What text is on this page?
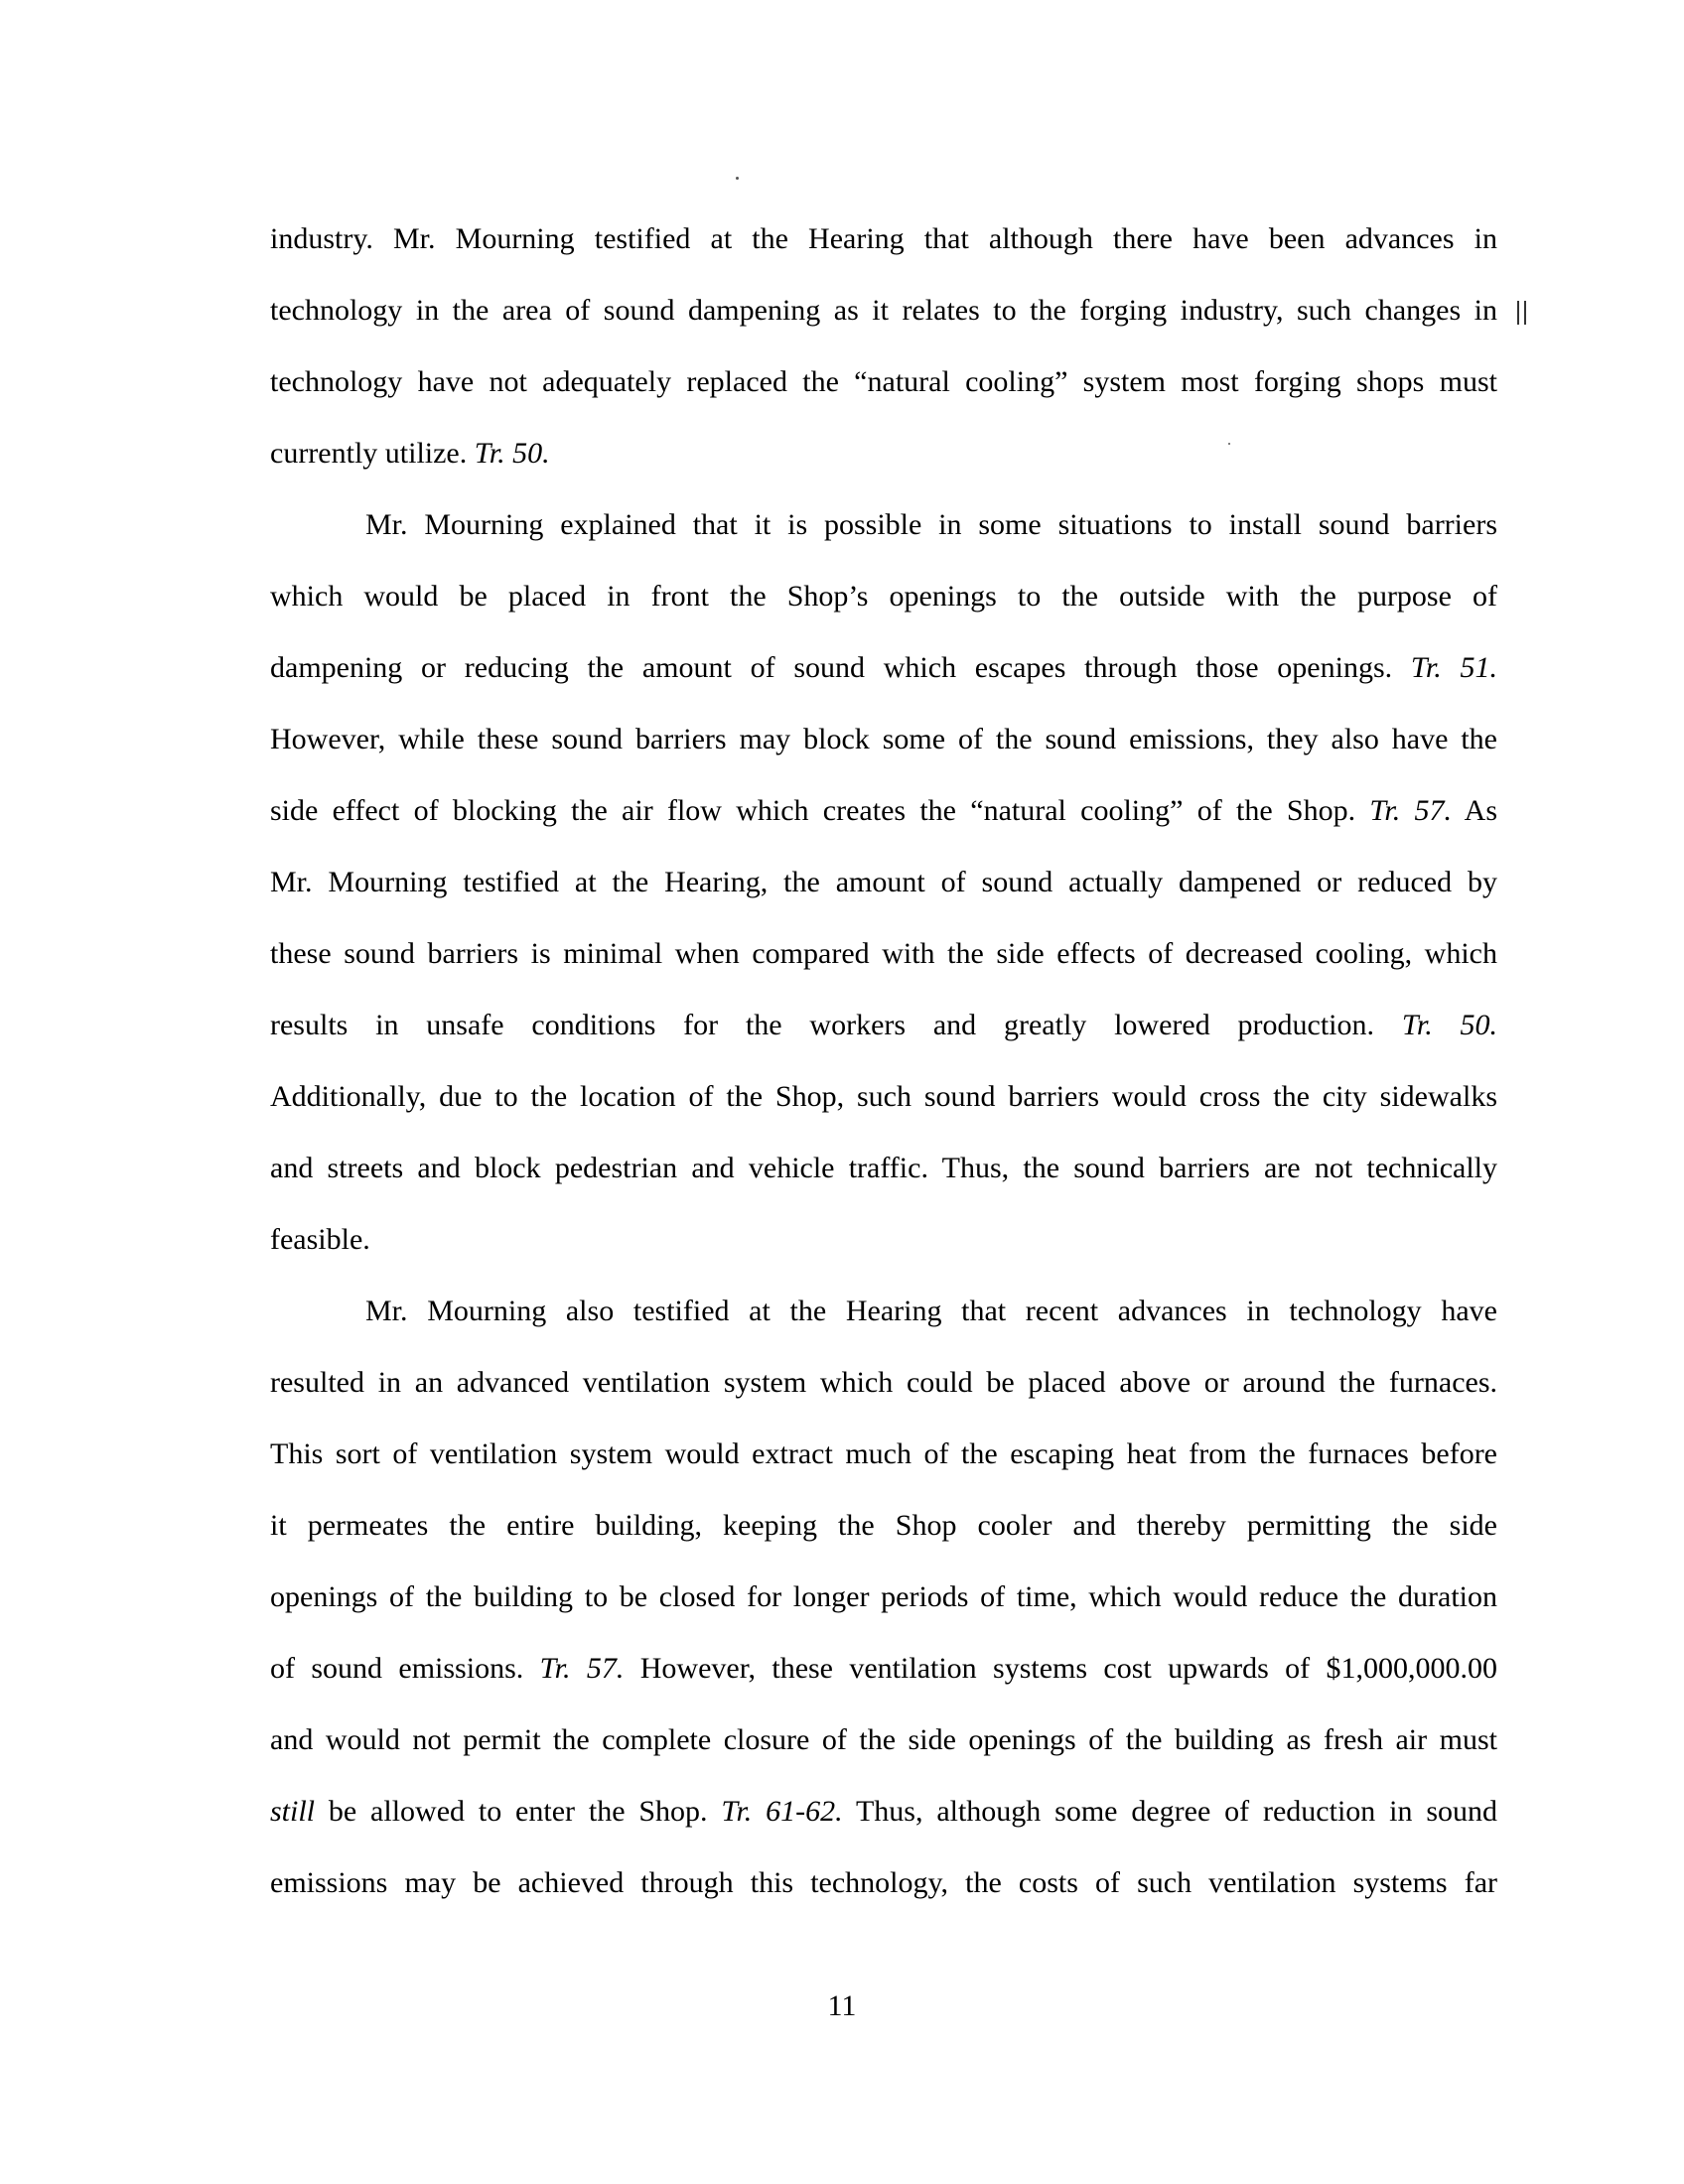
industry. Mr. Mourning testified at the Hearing that although there have been advances in
technology in the area of sound dampening as it relates to the forging industry, such changes in
technology have not adequately replaced the “natural cooling” system most forging shops must
currently utilize. Tr. 50.
Mr. Mourning explained that it is possible in some situations to install sound barriers
which would be placed in front the Shop’s openings to the outside with the purpose of
dampening or reducing the amount of sound which escapes through those openings. Tr. 51.
However, while these sound barriers may block some of the sound emissions, they also have the
side effect of blocking the air flow which creates the “natural cooling” of the Shop. Tr. 57. As
Mr. Mourning testified at the Hearing, the amount of sound actually dampened or reduced by
these sound barriers is minimal when compared with the side effects of decreased cooling, which
results in unsafe conditions for the workers and greatly lowered production. Tr. 50.
Additionally, due to the location of the Shop, such sound barriers would cross the city sidewalks
and streets and block pedestrian and vehicle traffic. Thus, the sound barriers are not technically
feasible.
Mr. Mourning also testified at the Hearing that recent advances in technology have
resulted in an advanced ventilation system which could be placed above or around the furnaces.
This sort of ventilation system would extract much of the escaping heat from the furnaces before
it permeates the entire building, keeping the Shop cooler and thereby permitting the side
openings of the building to be closed for longer periods of time, which would reduce the duration
of sound emissions. Tr. 57. However, these ventilation systems cost upwards of $1,000,000.00
and would not permit the complete closure of the side openings of the building as fresh air must
still be allowed to enter the Shop. Tr. 61-62. Thus, although some degree of reduction in sound
emissions may be achieved through this technology, the costs of such ventilation systems far
11
